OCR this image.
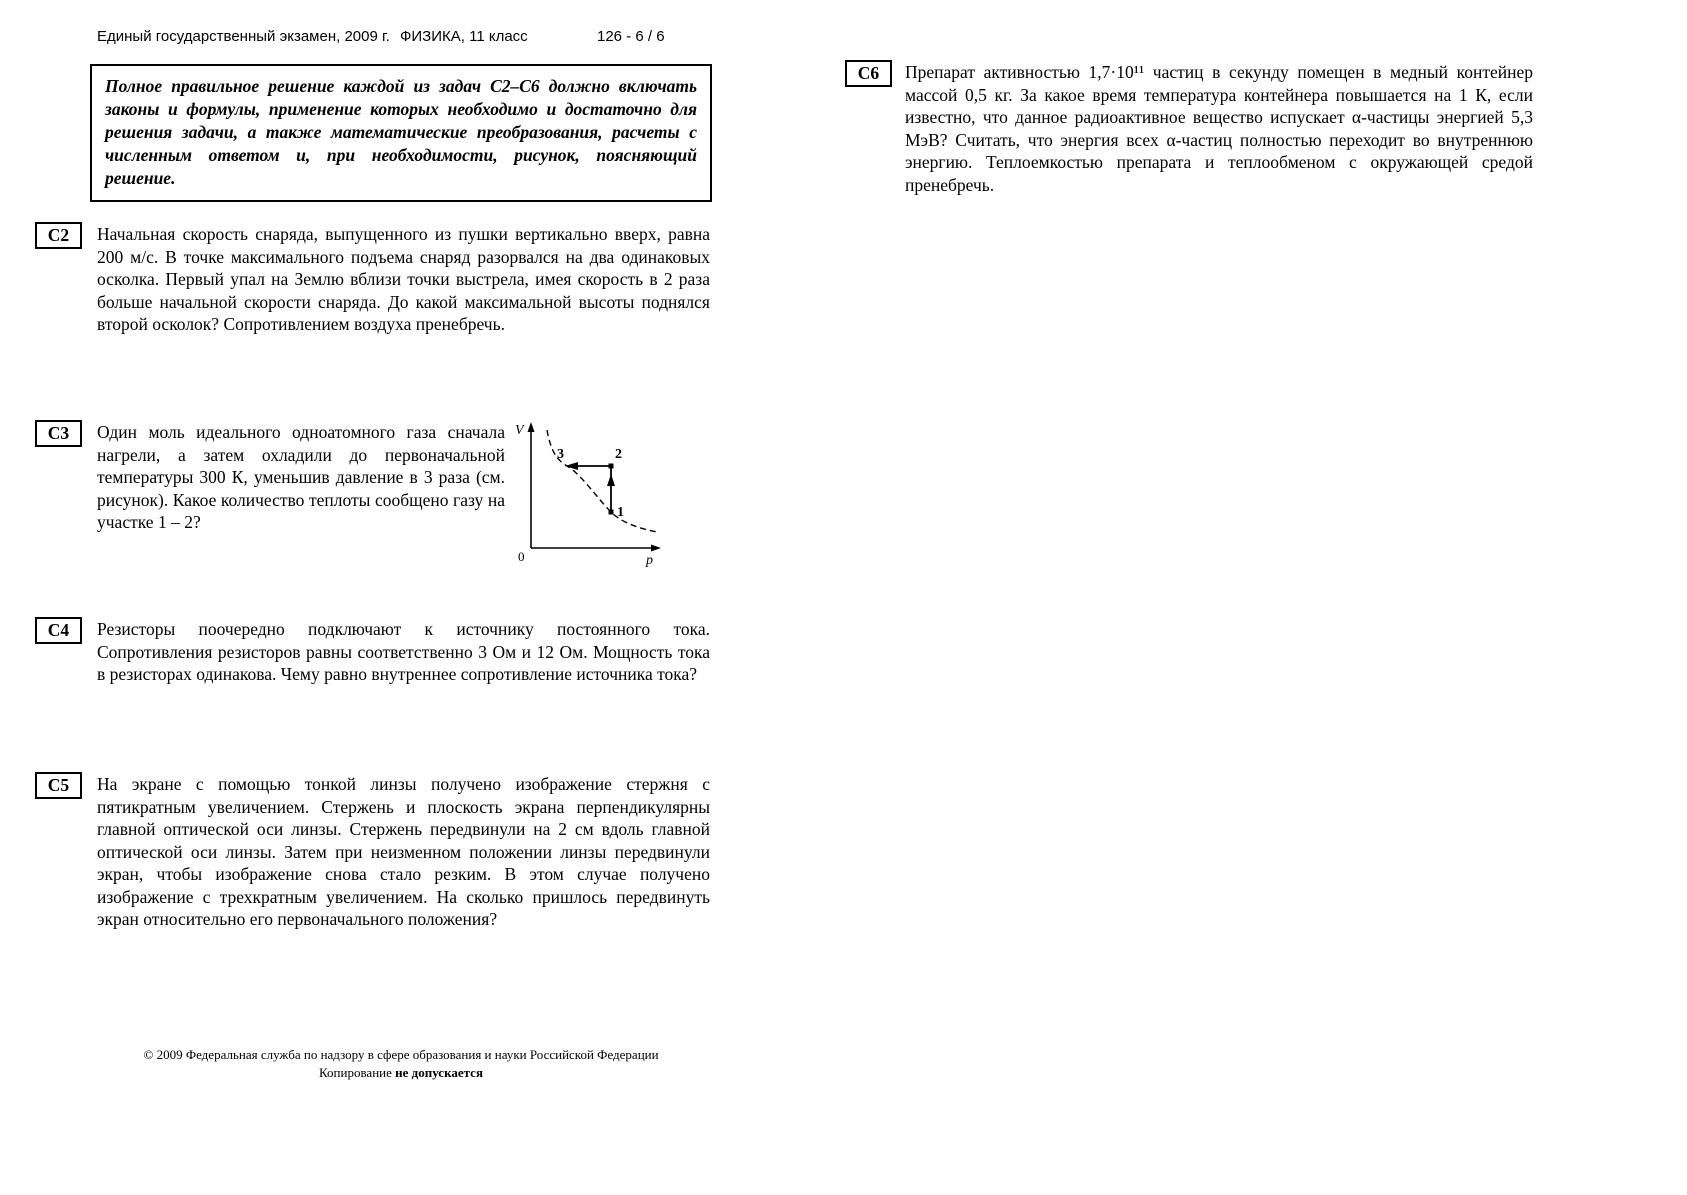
Единый государственный экзамен, 2009 г. ФИЗИКА, 11 класс	126 - 6 / 6
Полное правильное решение каждой из задач С2–С6 должно включать законы и формулы, применение которых необходимо и достаточно для решения задачи, а также математические преобразования, расчеты с численным ответом и, при необходимости, рисунок, поясняющий решение.
С2	Начальная скорость снаряда, выпущенного из пушки вертикально вверх, равна 200 м/с. В точке максимального подъема снаряд разорвался на два одинаковых осколка. Первый упал на Землю вблизи точки выстрела, имея скорость в 2 раза больше начальной скорости снаряда. До какой максимальной высоты поднялся второй осколок? Сопротивлением воздуха пренебречь.
С3	Один моль идеального одноатомного газа сначала нагрели, а затем охладили до первоначальной температуры 300 К, уменьшив давление в 3 раза (см. рисунок). Какое количество теплоты сообщено газу на участке 1 – 2?
V
p
0
3	2
1
С4	Резисторы поочередно подключают к источнику постоянного тока. Сопротивления резисторов равны соответственно 3 Ом и 12 Ом. Мощность тока в резисторах одинакова. Чему равно внутреннее сопротивление источника тока?
С5	На экране с помощью тонкой линзы получено изображение стержня с пятикратным увеличением. Стержень и плоскость экрана перпендикулярны главной оптической оси линзы. Стержень передвинули на 2 см вдоль главной оптической оси линзы. Затем при неизменном положении линзы передвинули экран, чтобы изображение снова стало резким. В этом случае получено изображение с трехкратным увеличением. На сколько пришлось передвинуть экран относительно его первоначального положения?
С6	Препарат активностью 1,7·10¹¹ частиц в секунду помещен в медный контейнер массой 0,5 кг. За какое время температура контейнера повышается на 1 К, если известно, что данное радиоактивное вещество испускает α-частицы энергией 5,3 МэВ? Считать, что энергия всех α-частиц полностью переходит во внутреннюю энергию. Теплоемкостью препарата и теплообменом с окружающей средой пренебречь.
© 2009 Федеральная служба по надзору в сфере образования и науки Российской Федерации
Копирование не допускается
